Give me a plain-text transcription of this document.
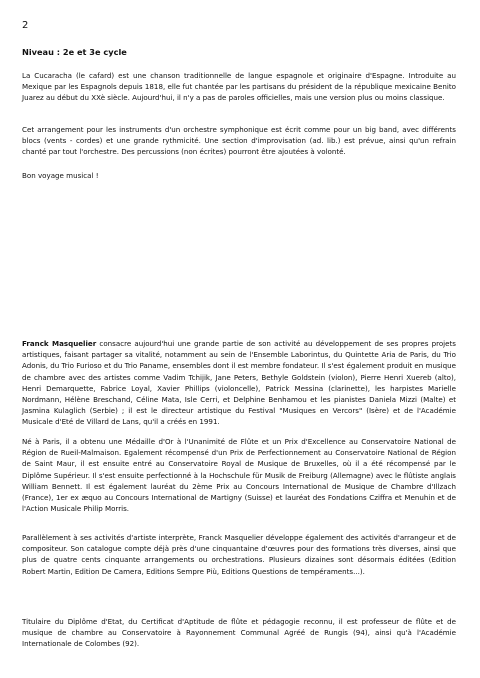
2
Niveau : 2e et 3e cycle

La Cucaracha (le cafard) est une chanson traditionnelle de langue espagnole et originaire d'Espagne. Introduite au Mexique par les Espagnols depuis 1818, elle fut chantée par les partisans du président de la république mexicaine Benito Juarez au début du XXè siècle. Aujourd'hui, il n'y a pas de paroles officielles, mais une version plus ou moins classique.

Cet arrangement pour les instruments d'un orchestre symphonique est écrit comme pour un big band, avec différents blocs (vents - cordes) et une grande rythmicité. Une section d'improvisation (ad. lib.) est prévue, ainsi qu'un refrain chanté par tout l'orchestre. Des percussions (non écrites) pourront être ajoutées à volonté.

Bon voyage musical !

Franck Masquelier consacre aujourd'hui une grande partie de son activité au développement de ses propres projets artistiques, faisant partager sa vitalité, notamment au sein de l'Ensemble Laborintus, du Quintette Aria de Paris, du Trio Adonis, du Trio Furioso et du Trio Paname, ensembles dont il est membre fondateur. Il s'est également produit en musique de chambre avec des artistes comme Vadim Tchijik, Jane Peters, Bethyle Goldstein (violon), Pierre Henri Xuereb (alto), Henri Demarquette, Fabrice Loyal, Xavier Phillips (violoncelle), Patrick Messina (clarinette), les harpistes Marielle Nordmann, Hélène Breschand, Céline Mata, Isle Cerri, et Delphine Benhamou et les pianistes Daniela Mizzi (Malte) et Jasmina Kulaglich (Serbie) ; il est le directeur artistique du Festival "Musiques en Vercors" (Isère) et de l'Académie Musicale d'Eté de Villard de Lans, qu'il a créés en 1991.

Né à Paris, il a obtenu une Médaille d'Or à l'Unanimité de Flûte et un Prix d'Excellence au Conservatoire National de Région de Rueil-Malmaison. Egalement récompensé d'un Prix de Perfectionnement au Conservatoire National de Région de Saint Maur, il est ensuite entré au Conservatoire Royal de Musique de Bruxelles, où il a été récompensé par le Diplôme Supérieur. Il s'est ensuite perfectionné à la Hochschule für Musik de Freiburg (Allemagne) avec le flûtiste anglais William Bennett. Il est également lauréat du 2ème Prix au Concours International de Musique de Chambre d'Illzach (France), 1er ex æquo au Concours International de Martigny (Suisse) et lauréat des Fondations Cziffra et Menuhin et de l'Action Musicale Philip Morris.

Parallèlement à ses activités d'artiste interprète, Franck Masquelier développe également des activités d'arrangeur et de compositeur. Son catalogue compte déjà près d'une cinquantaine d'œuvres pour des formations très diverses, ainsi que plus de quatre cents cinquante arrangements ou orchestrations. Plusieurs dizaines sont désormais éditées (Edition Robert Martin, Edition De Camera, Editions Sempre Più, Editions Questions de tempéraments...).

Titulaire du Diplôme d'Etat, du Certificat d'Aptitude de flûte et pédagogie reconnu, il est professeur de flûte et de musique de chambre au Conservatoire à Rayonnement Communal Agréé de Rungis (94), ainsi qu'à l'Académie Internationale de Colombes (92).
